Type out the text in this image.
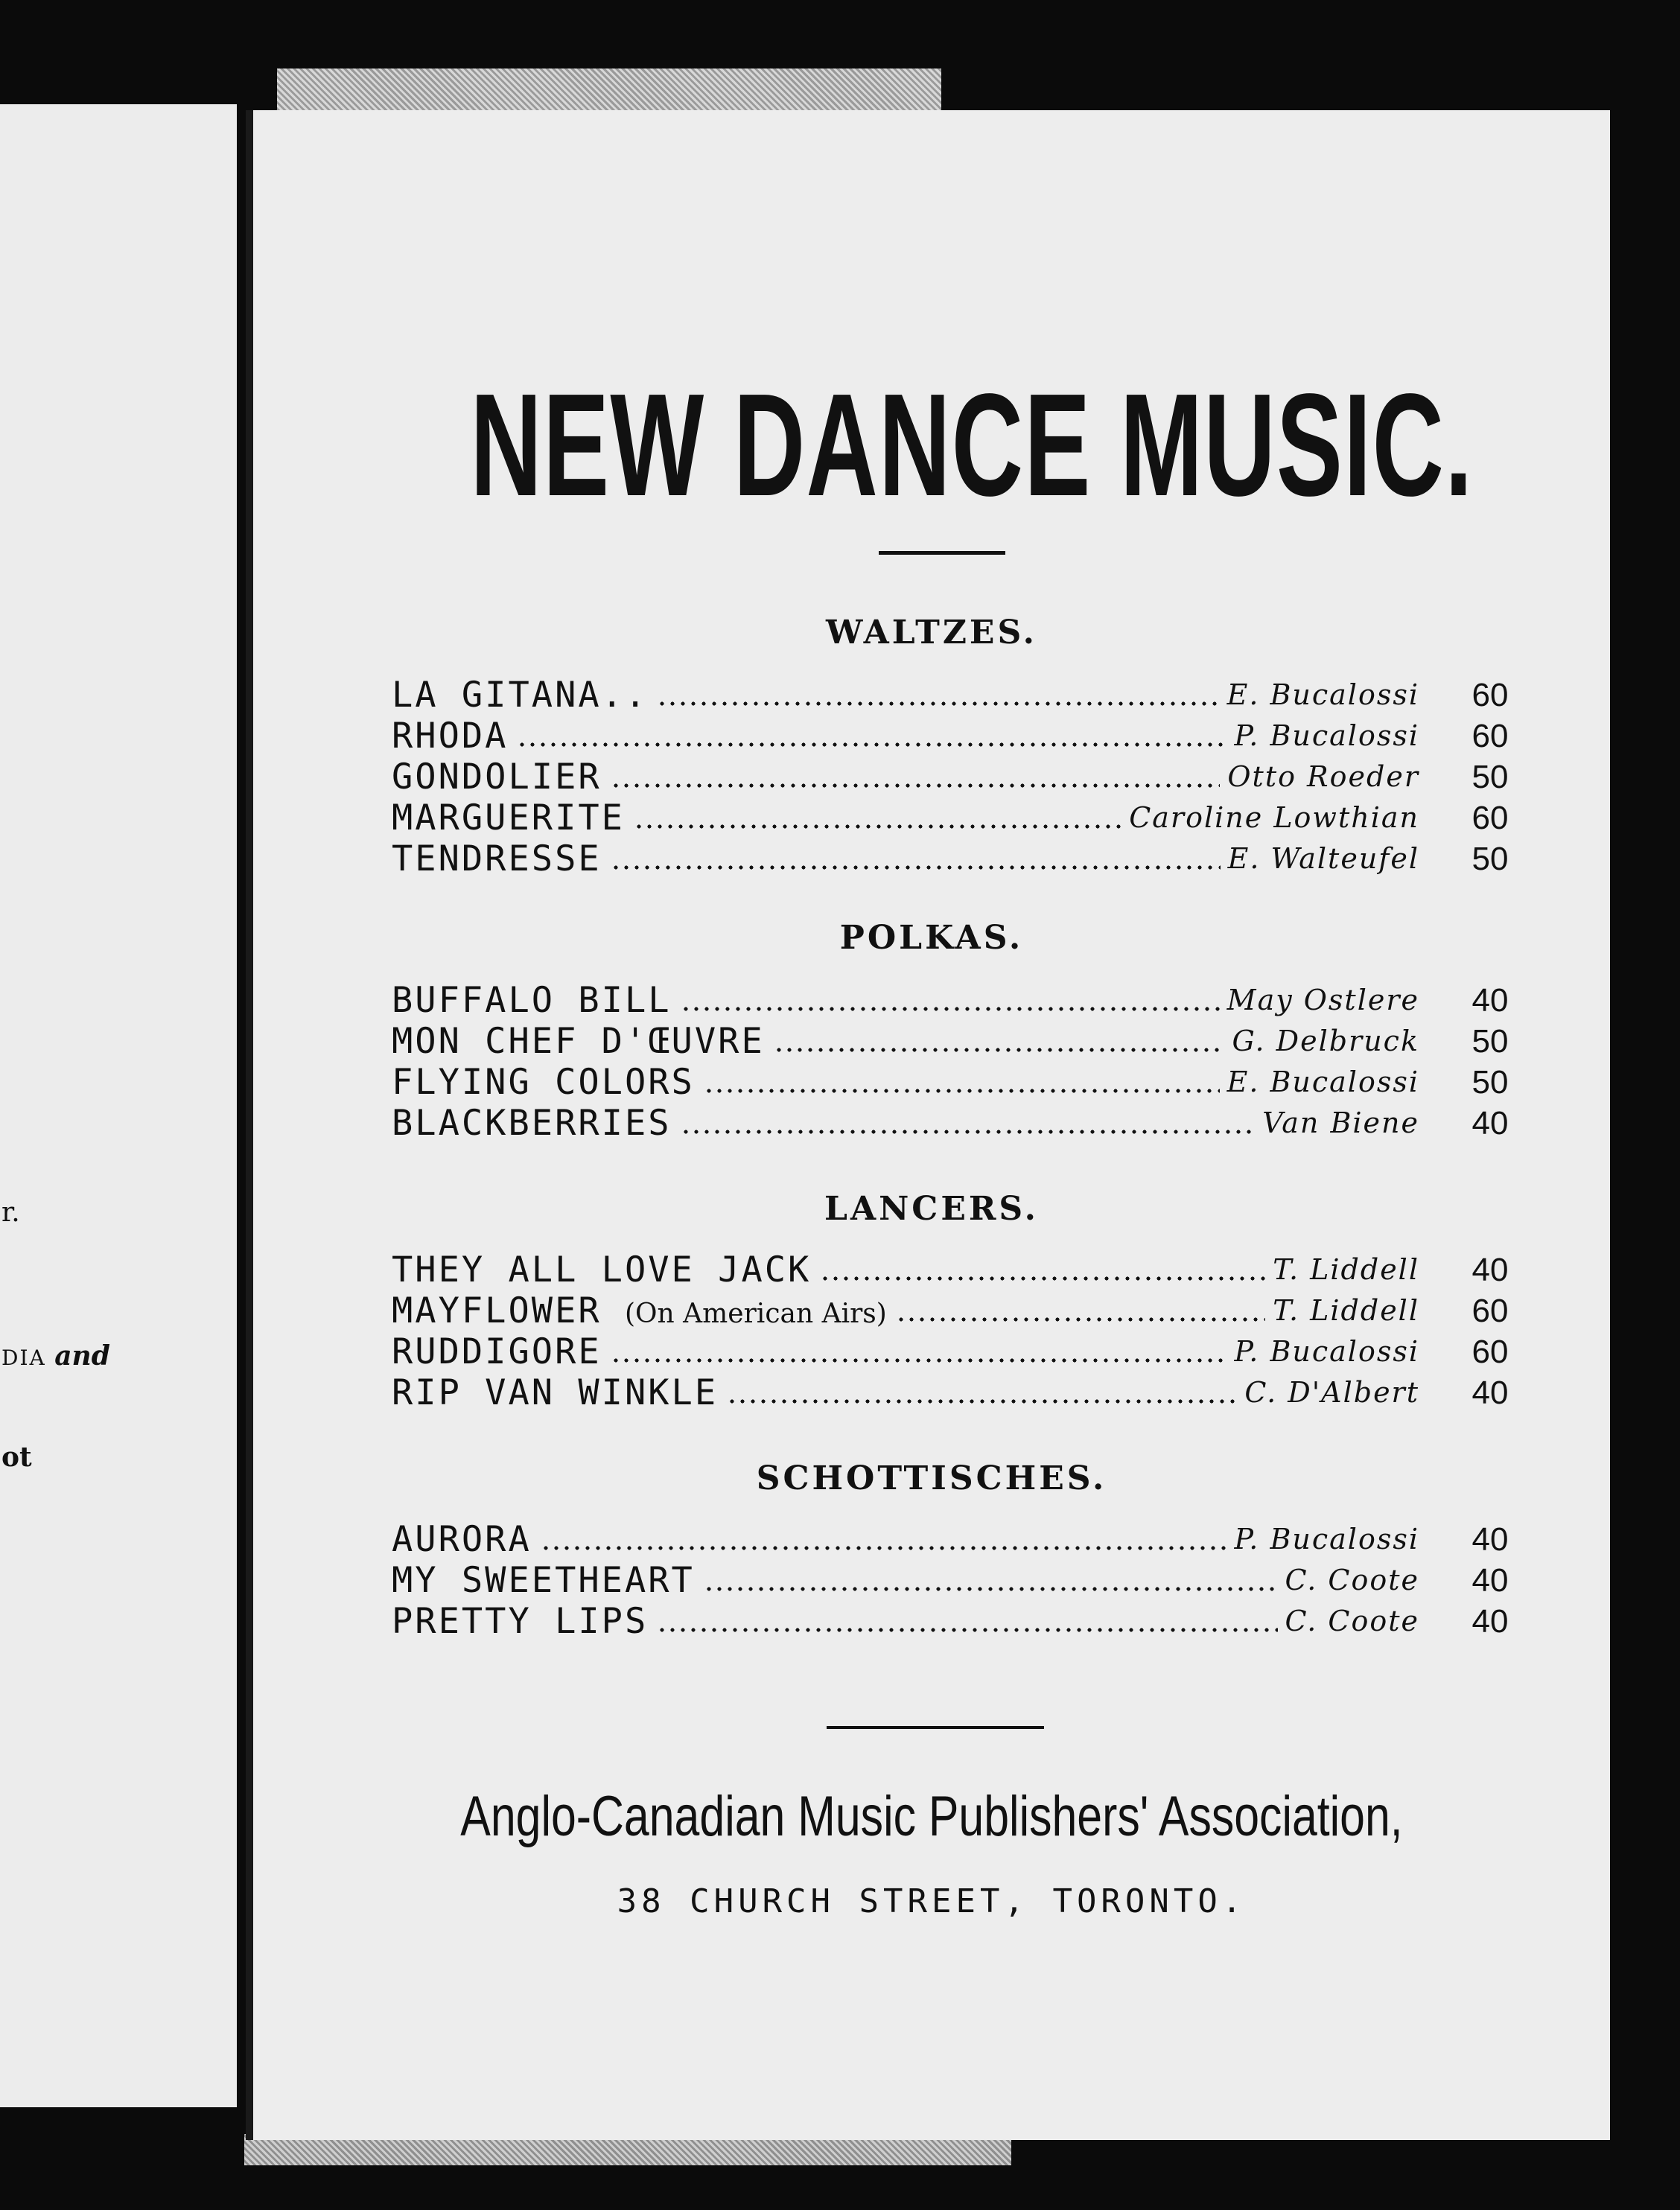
r.
DIA and
ot
NEW DANCE MUSIC.
WALTZES.
LA GITANA..	E. Bucalossi	60
RHODA	P. Bucalossi	60
GONDOLIER	Otto Roeder	50
MARGUERITE	Caroline Lowthian	60
TENDRESSE	E. Walteufel	50
POLKAS.
BUFFALO BILL	May Ostlere	40
MON CHEF D'ŒUVRE	G. Delbruck	50
FLYING COLORS	E. Bucalossi	50
BLACKBERRIES	Van Biene	40
LANCERS.
THEY ALL LOVE JACK	T. Liddell	40
MAYFLOWER (On American Airs)	T. Liddell	60
RUDDIGORE	P. Bucalossi	60
RIP VAN WINKLE	C. D'Albert	40
SCHOTTISCHES.
AURORA	P. Bucalossi	40
MY SWEETHEART	C. Coote	40
PRETTY LIPS	C. Coote	40
Anglo-Canadian Music Publishers' Association,
38 CHURCH STREET, TORONTO.
